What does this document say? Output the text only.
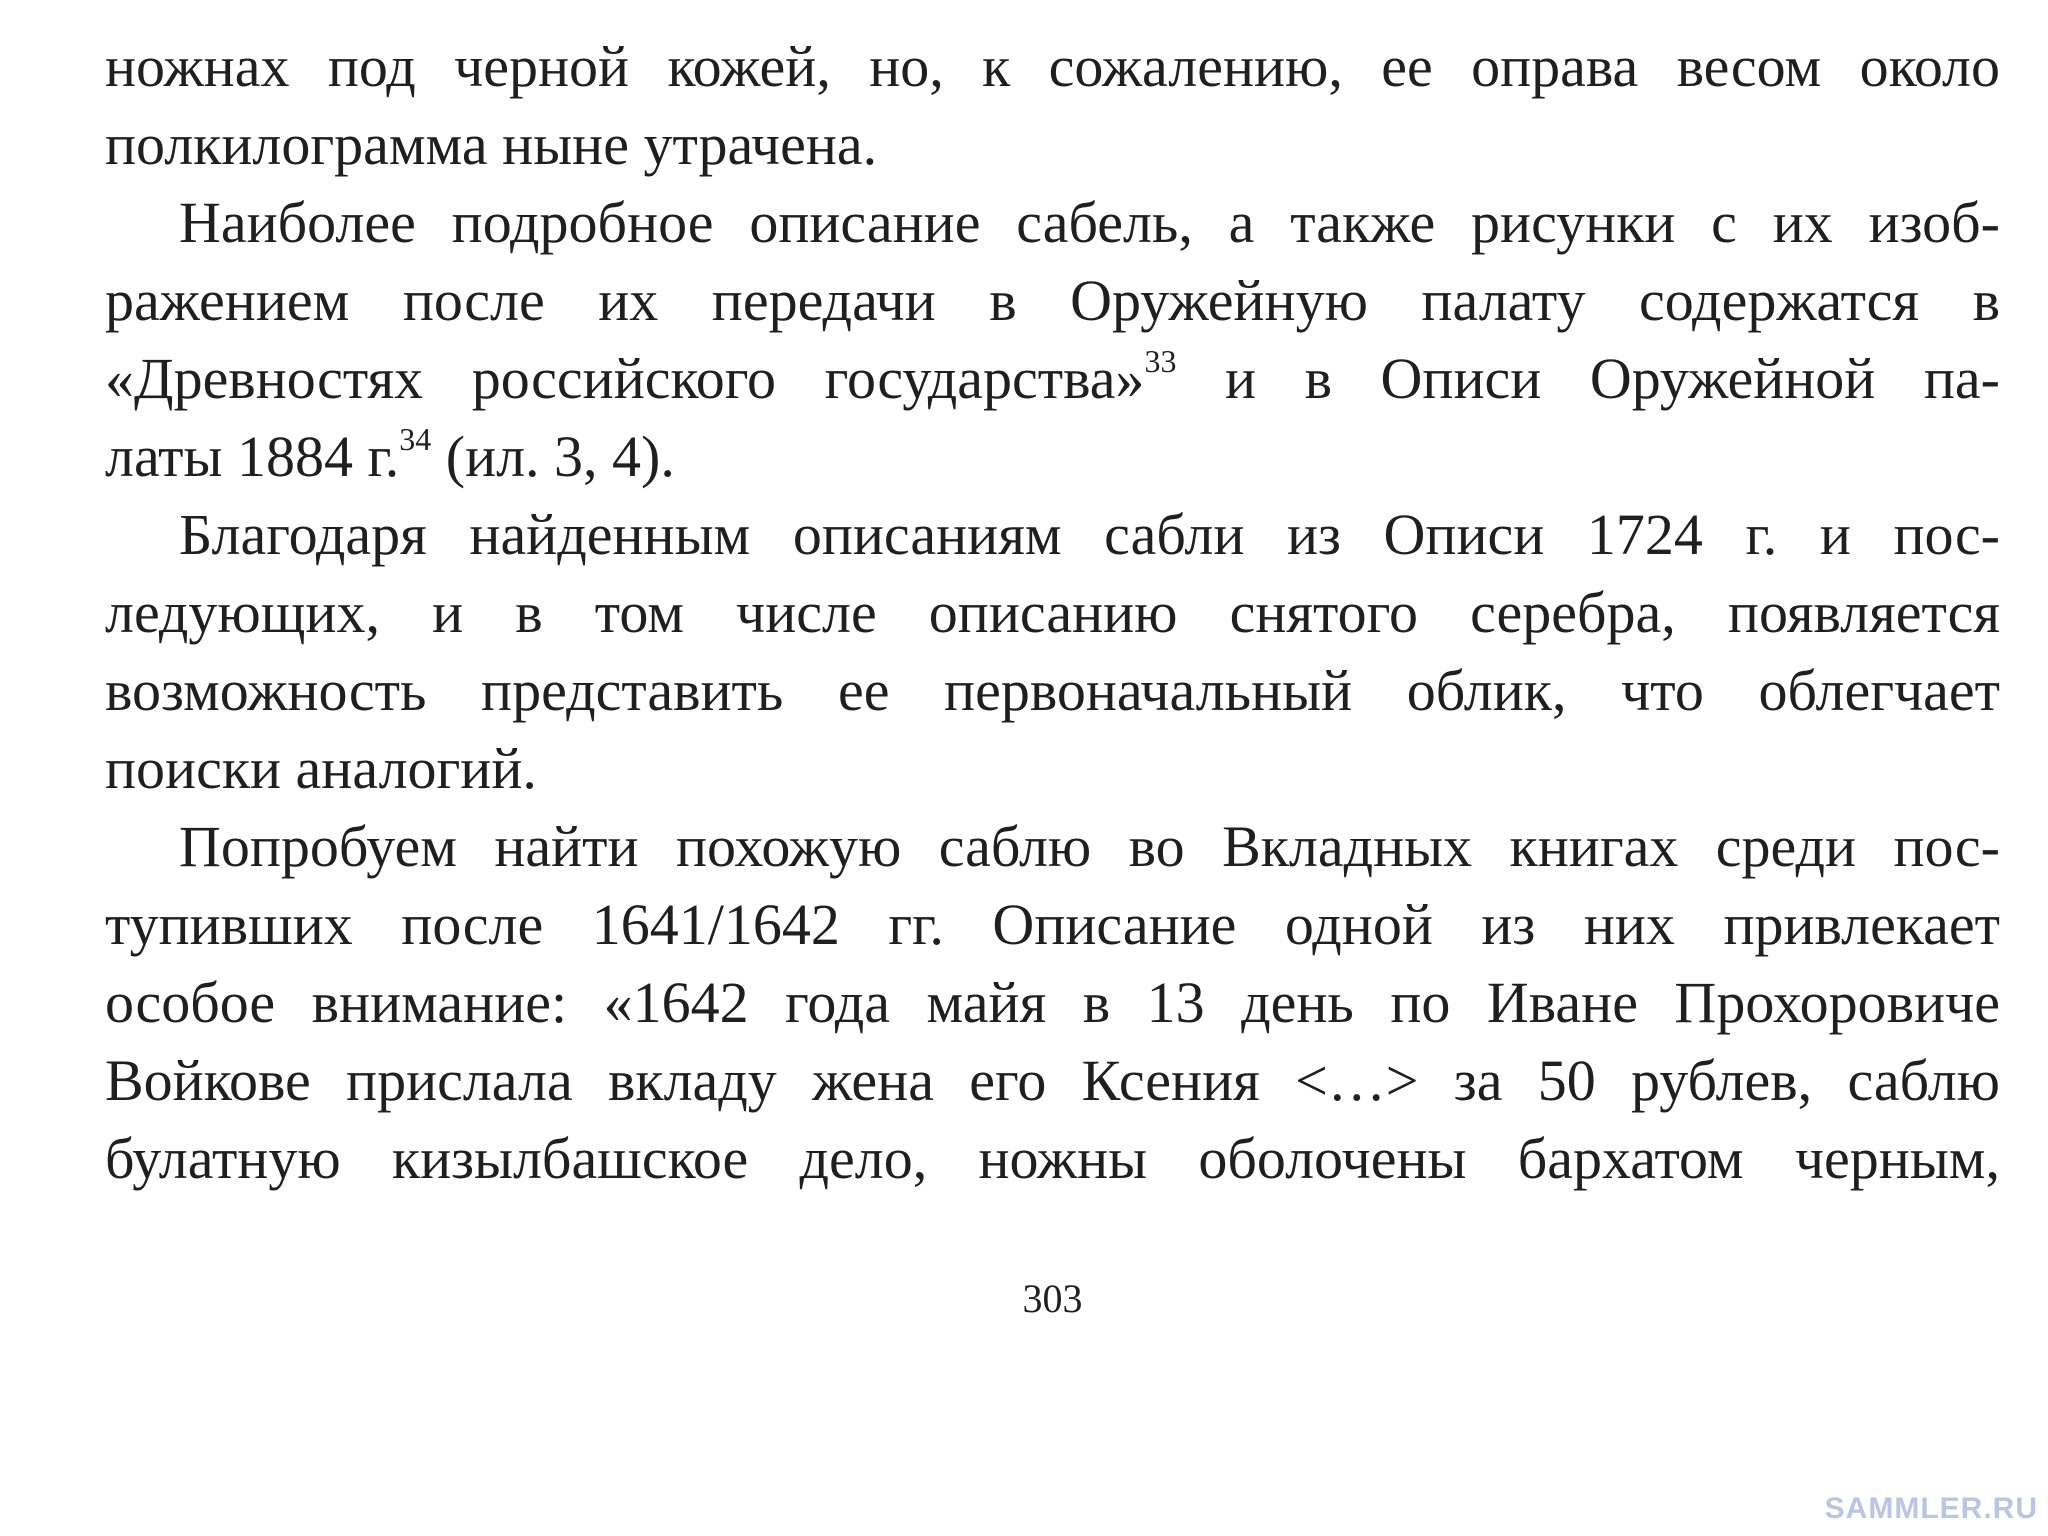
ножнах под черной кожей, но, к сожалению, ее оправа весом около
полкилограмма ныне утрачена.
Наиболее подробное описание сабель, а также рисунки с их изоб-
ражением после их передачи в Оружейную палату содержатся в
«Древностях российского государства»$^{33}$ и в Описи Оружейной па-
латы 1884 г.$^{34}$ (ил. 3, 4).
Благодаря найденным описаниям сабли из Описи 1724 г. и пос-
ледующих, и в том числе описанию снятого серебра, появляется
возможность представить ее первоначальный облик, что облегчает
поиски аналогий.
Попробуем найти похожую саблю во Вкладных книгах среди пос-
тупивших после 1641/1642 гг. Описание одной из них привлекает
особое внимание: «1642 года майя в 13 день по Иване Прохоровиче
Войкове прислала вкладу жена его Ксения <…> за 50 рублев, саблю
булатную кизылбашское дело, ножны оболочены бархатом черным,
303
SAMMLER.RU
